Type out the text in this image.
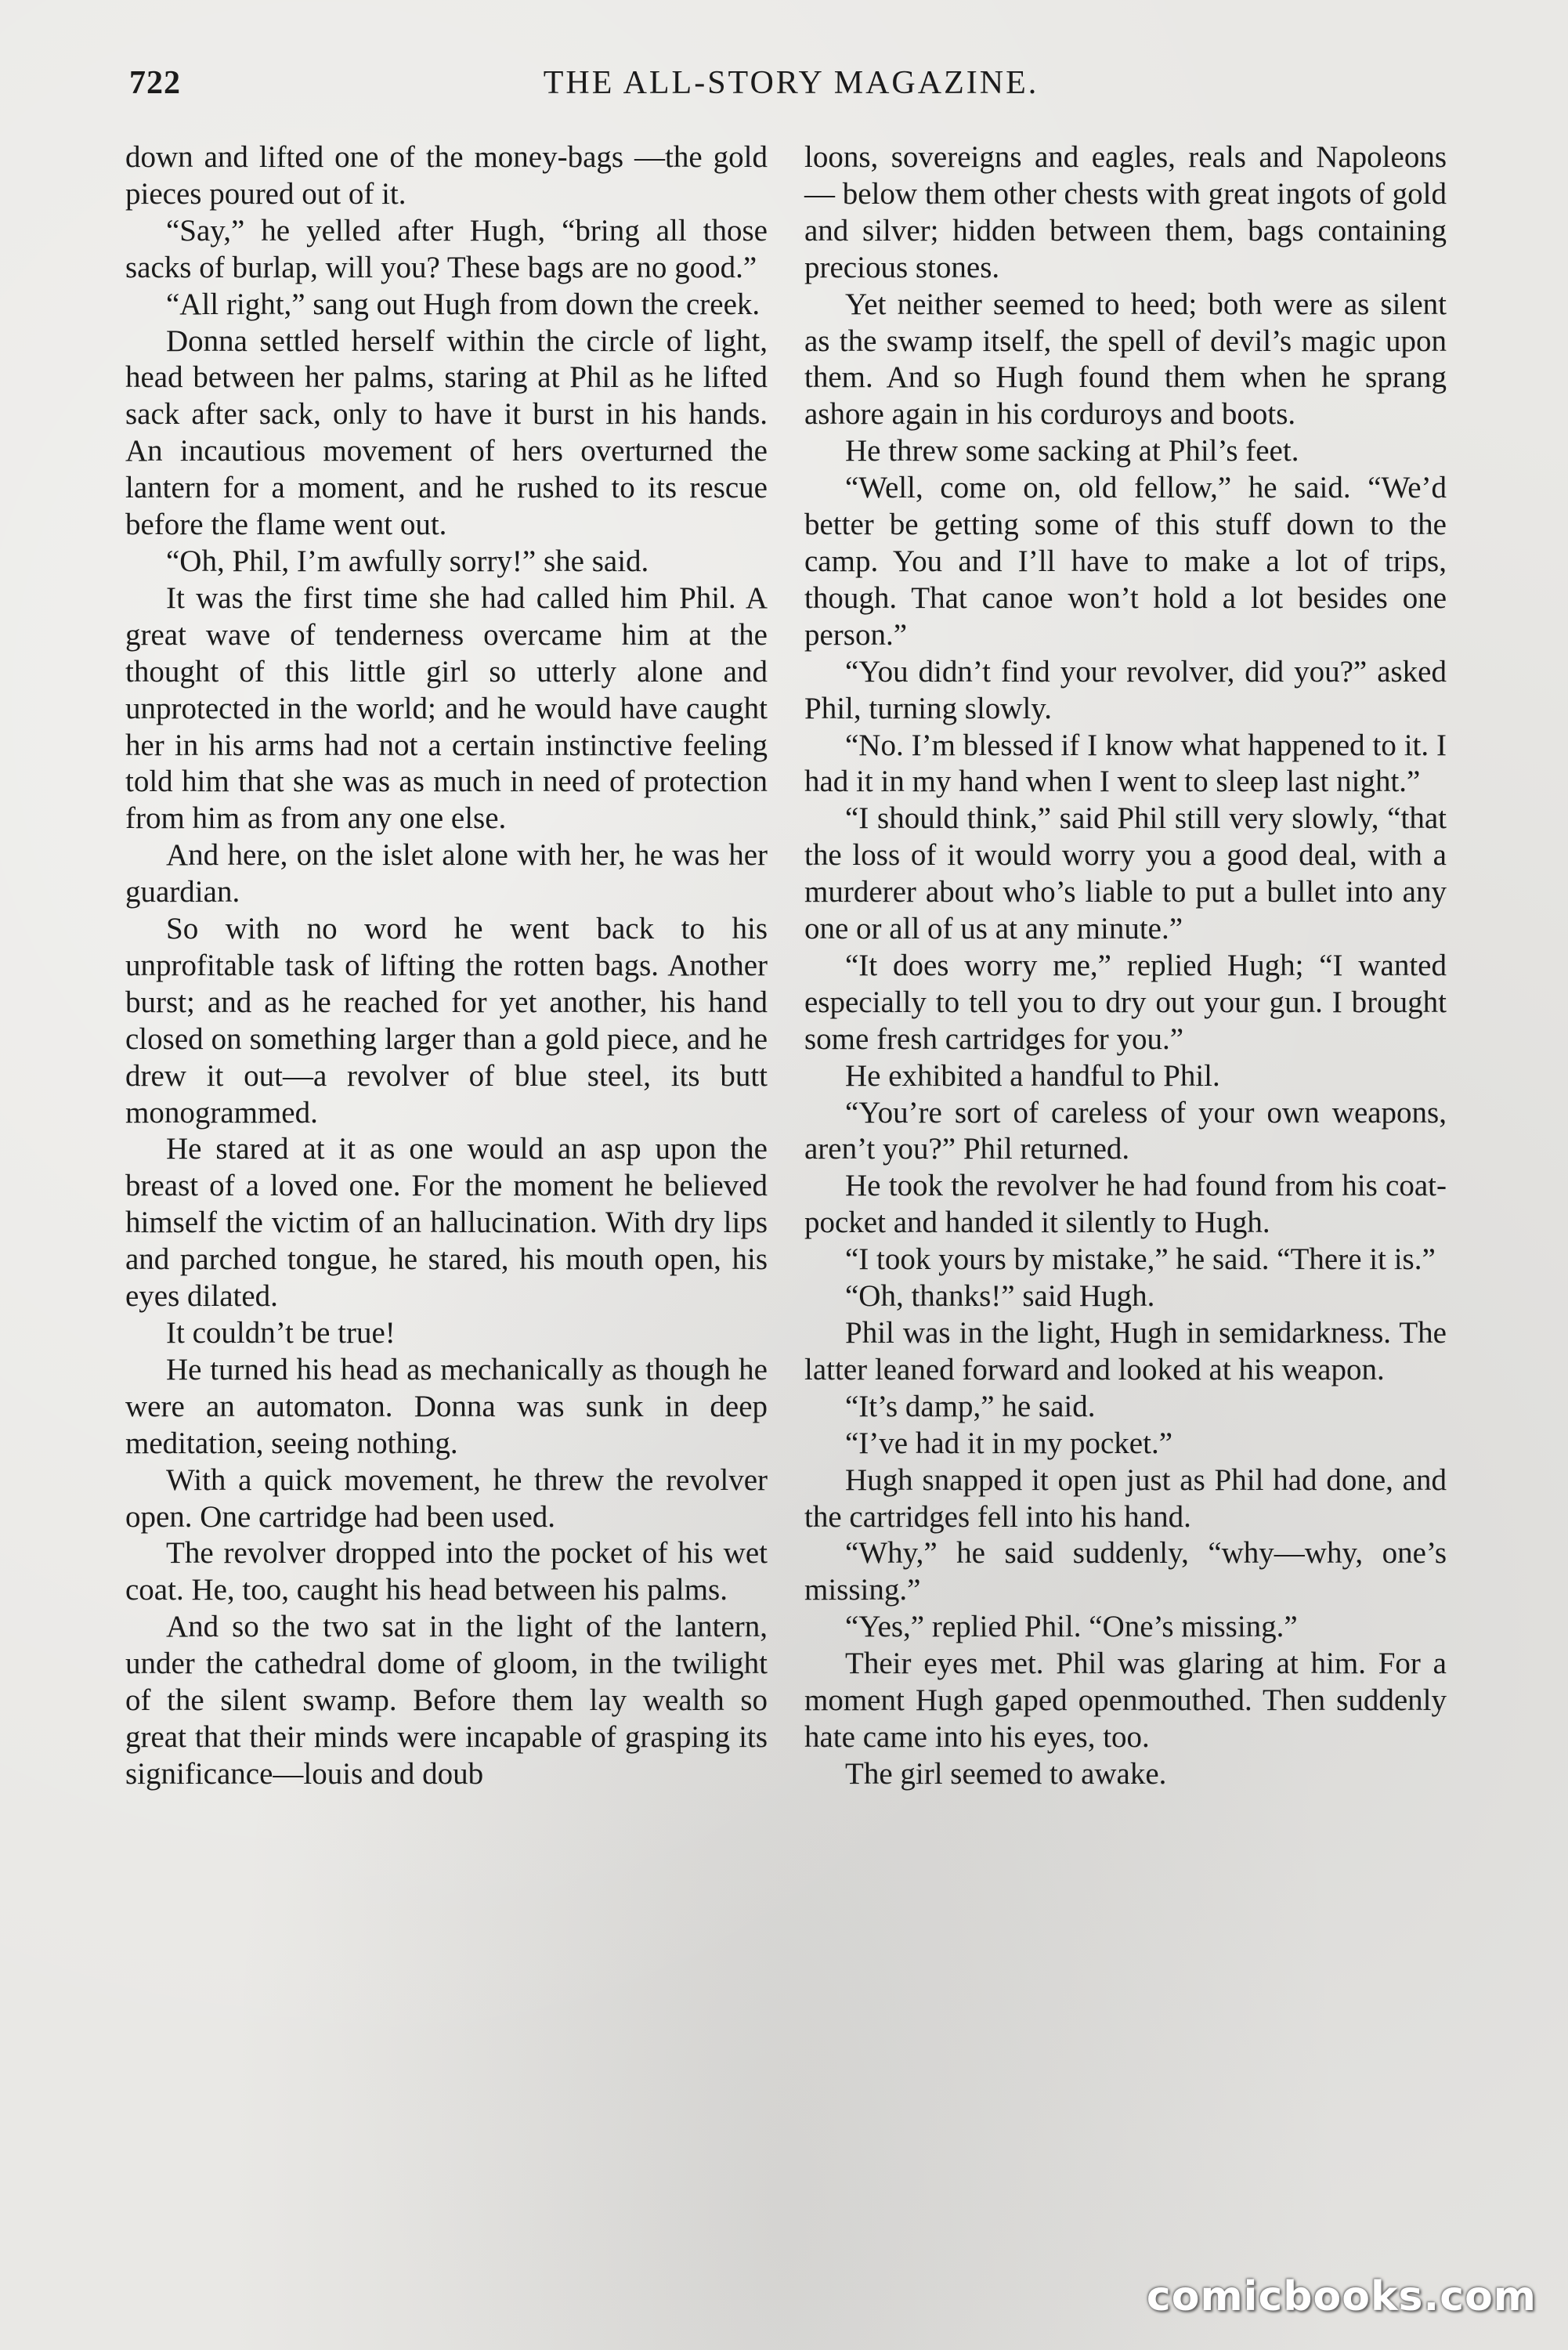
722	THE ALL-STORY MAGAZINE.

down and lifted one of the money-bags —the gold pieces poured out of it.

“Say,” he yelled after Hugh, “bring all those sacks of burlap, will you? These bags are no good.”

“All right,” sang out Hugh from down the creek.

Donna settled herself within the circle of light, head between her palms, staring at Phil as he lifted sack after sack, only to have it burst in his hands. An incautious movement of hers overturned the lantern for a moment, and he rushed to its rescue before the flame went out.

“Oh, Phil, I’m awfully sorry!” she said.

It was the first time she had called him Phil. A great wave of tenderness overcame him at the thought of this little girl so utterly alone and unprotected in the world; and he would have caught her in his arms had not a certain instinctive feeling told him that she was as much in need of protection from him as from any one else.

And here, on the islet alone with her, he was her guardian.

So with no word he went back to his unprofitable task of lifting the rotten bags. Another burst; and as he reached for yet another, his hand closed on something larger than a gold piece, and he drew it out—a revolver of blue steel, its butt monogrammed.

He stared at it as one would an asp upon the breast of a loved one. For the moment he believed himself the victim of an hallucination. With dry lips and parched tongue, he stared, his mouth open, his eyes dilated.

It couldn’t be true!

He turned his head as mechanically as though he were an automaton. Donna was sunk in deep meditation, seeing nothing.

With a quick movement, he threw the revolver open. One cartridge had been used.

The revolver dropped into the pocket of his wet coat. He, too, caught his head between his palms.

And so the two sat in the light of the lantern, under the cathedral dome of gloom, in the twilight of the silent swamp. Before them lay wealth so great that their minds were incapable of grasping its significance—louis and doub

loons, sovereigns and eagles, reals and Napoleons — below them other chests with great ingots of gold and silver; hidden between them, bags containing precious stones.

Yet neither seemed to heed; both were as silent as the swamp itself, the spell of devil’s magic upon them. And so Hugh found them when he sprang ashore again in his corduroys and boots.

He threw some sacking at Phil’s feet.

“Well, come on, old fellow,” he said. “We’d better be getting some of this stuff down to the camp. You and I’ll have to make a lot of trips, though. That canoe won’t hold a lot besides one person.”

“You didn’t find your revolver, did you?” asked Phil, turning slowly.

“No. I’m blessed if I know what happened to it. I had it in my hand when I went to sleep last night.”

“I should think,” said Phil still very slowly, “that the loss of it would worry you a good deal, with a murderer about who’s liable to put a bullet into any one or all of us at any minute.”

“It does worry me,” replied Hugh; “I wanted especially to tell you to dry out your gun. I brought some fresh cartridges for you.”

He exhibited a handful to Phil.

“You’re sort of careless of your own weapons, aren’t you?” Phil returned.

He took the revolver he had found from his coat-pocket and handed it silently to Hugh.

“I took yours by mistake,” he said. “There it is.”

“Oh, thanks!” said Hugh.

Phil was in the light, Hugh in semidarkness. The latter leaned forward and looked at his weapon.

“It’s damp,” he said.

“I’ve had it in my pocket.”

Hugh snapped it open just as Phil had done, and the cartridges fell into his hand.

“Why,” he said suddenly, “why—why, one’s missing.”

“Yes,” replied Phil. “One’s missing.”

Their eyes met. Phil was glaring at him. For a moment Hugh gaped openmouthed. Then suddenly hate came into his eyes, too.

The girl seemed to awake.

comicbooks.com
